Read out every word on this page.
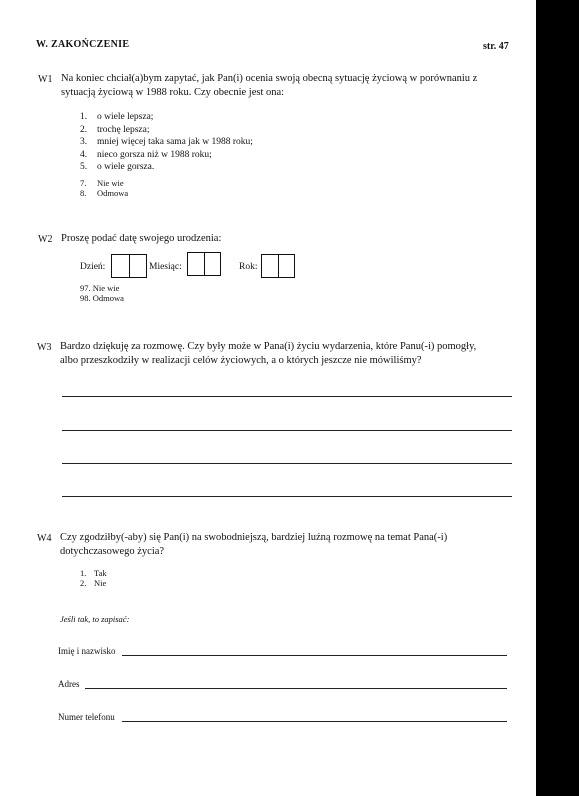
W. ZAKOŃCZENIE	str. 47
W1 Na koniec chciał(a)bym zapytać, jak Pan(i) ocenia swoją obecną sytuację życiową w porównaniu z
sytuacją życiową w 1988 roku. Czy obecnie jest ona:
1. o wiele lepsza;
2. trochę lepsza;
3. mniej więcej taka sama jak w 1988 roku;
4. nieco gorsza niż w 1988 roku;
5. o wiele gorsza.
7. Nie wie
8. Odmowa
W2 Proszę podać datę swojego urodzenia:
Dzień:	Miesiąc:	Rok:
97. Nie wie
98. Odmowa
W3 Bardzo dziękuję za rozmowę. Czy były może w Pana(i) życiu wydarzenia, które Panu(-i) pomogły,
albo przeszkodziły w realizacji celów życiowych, a o których jeszcze nie mówiliśmy?
W4 Czy zgodziłby(-aby) się Pan(i) na swobodniejszą, bardziej luźną rozmowę na temat Pana(-i)
dotychczasowego życia?
1. Tak
2. Nie
Jeśli tak, to zapisać:
Imię i nazwisko
Adres
Numer telefonu
